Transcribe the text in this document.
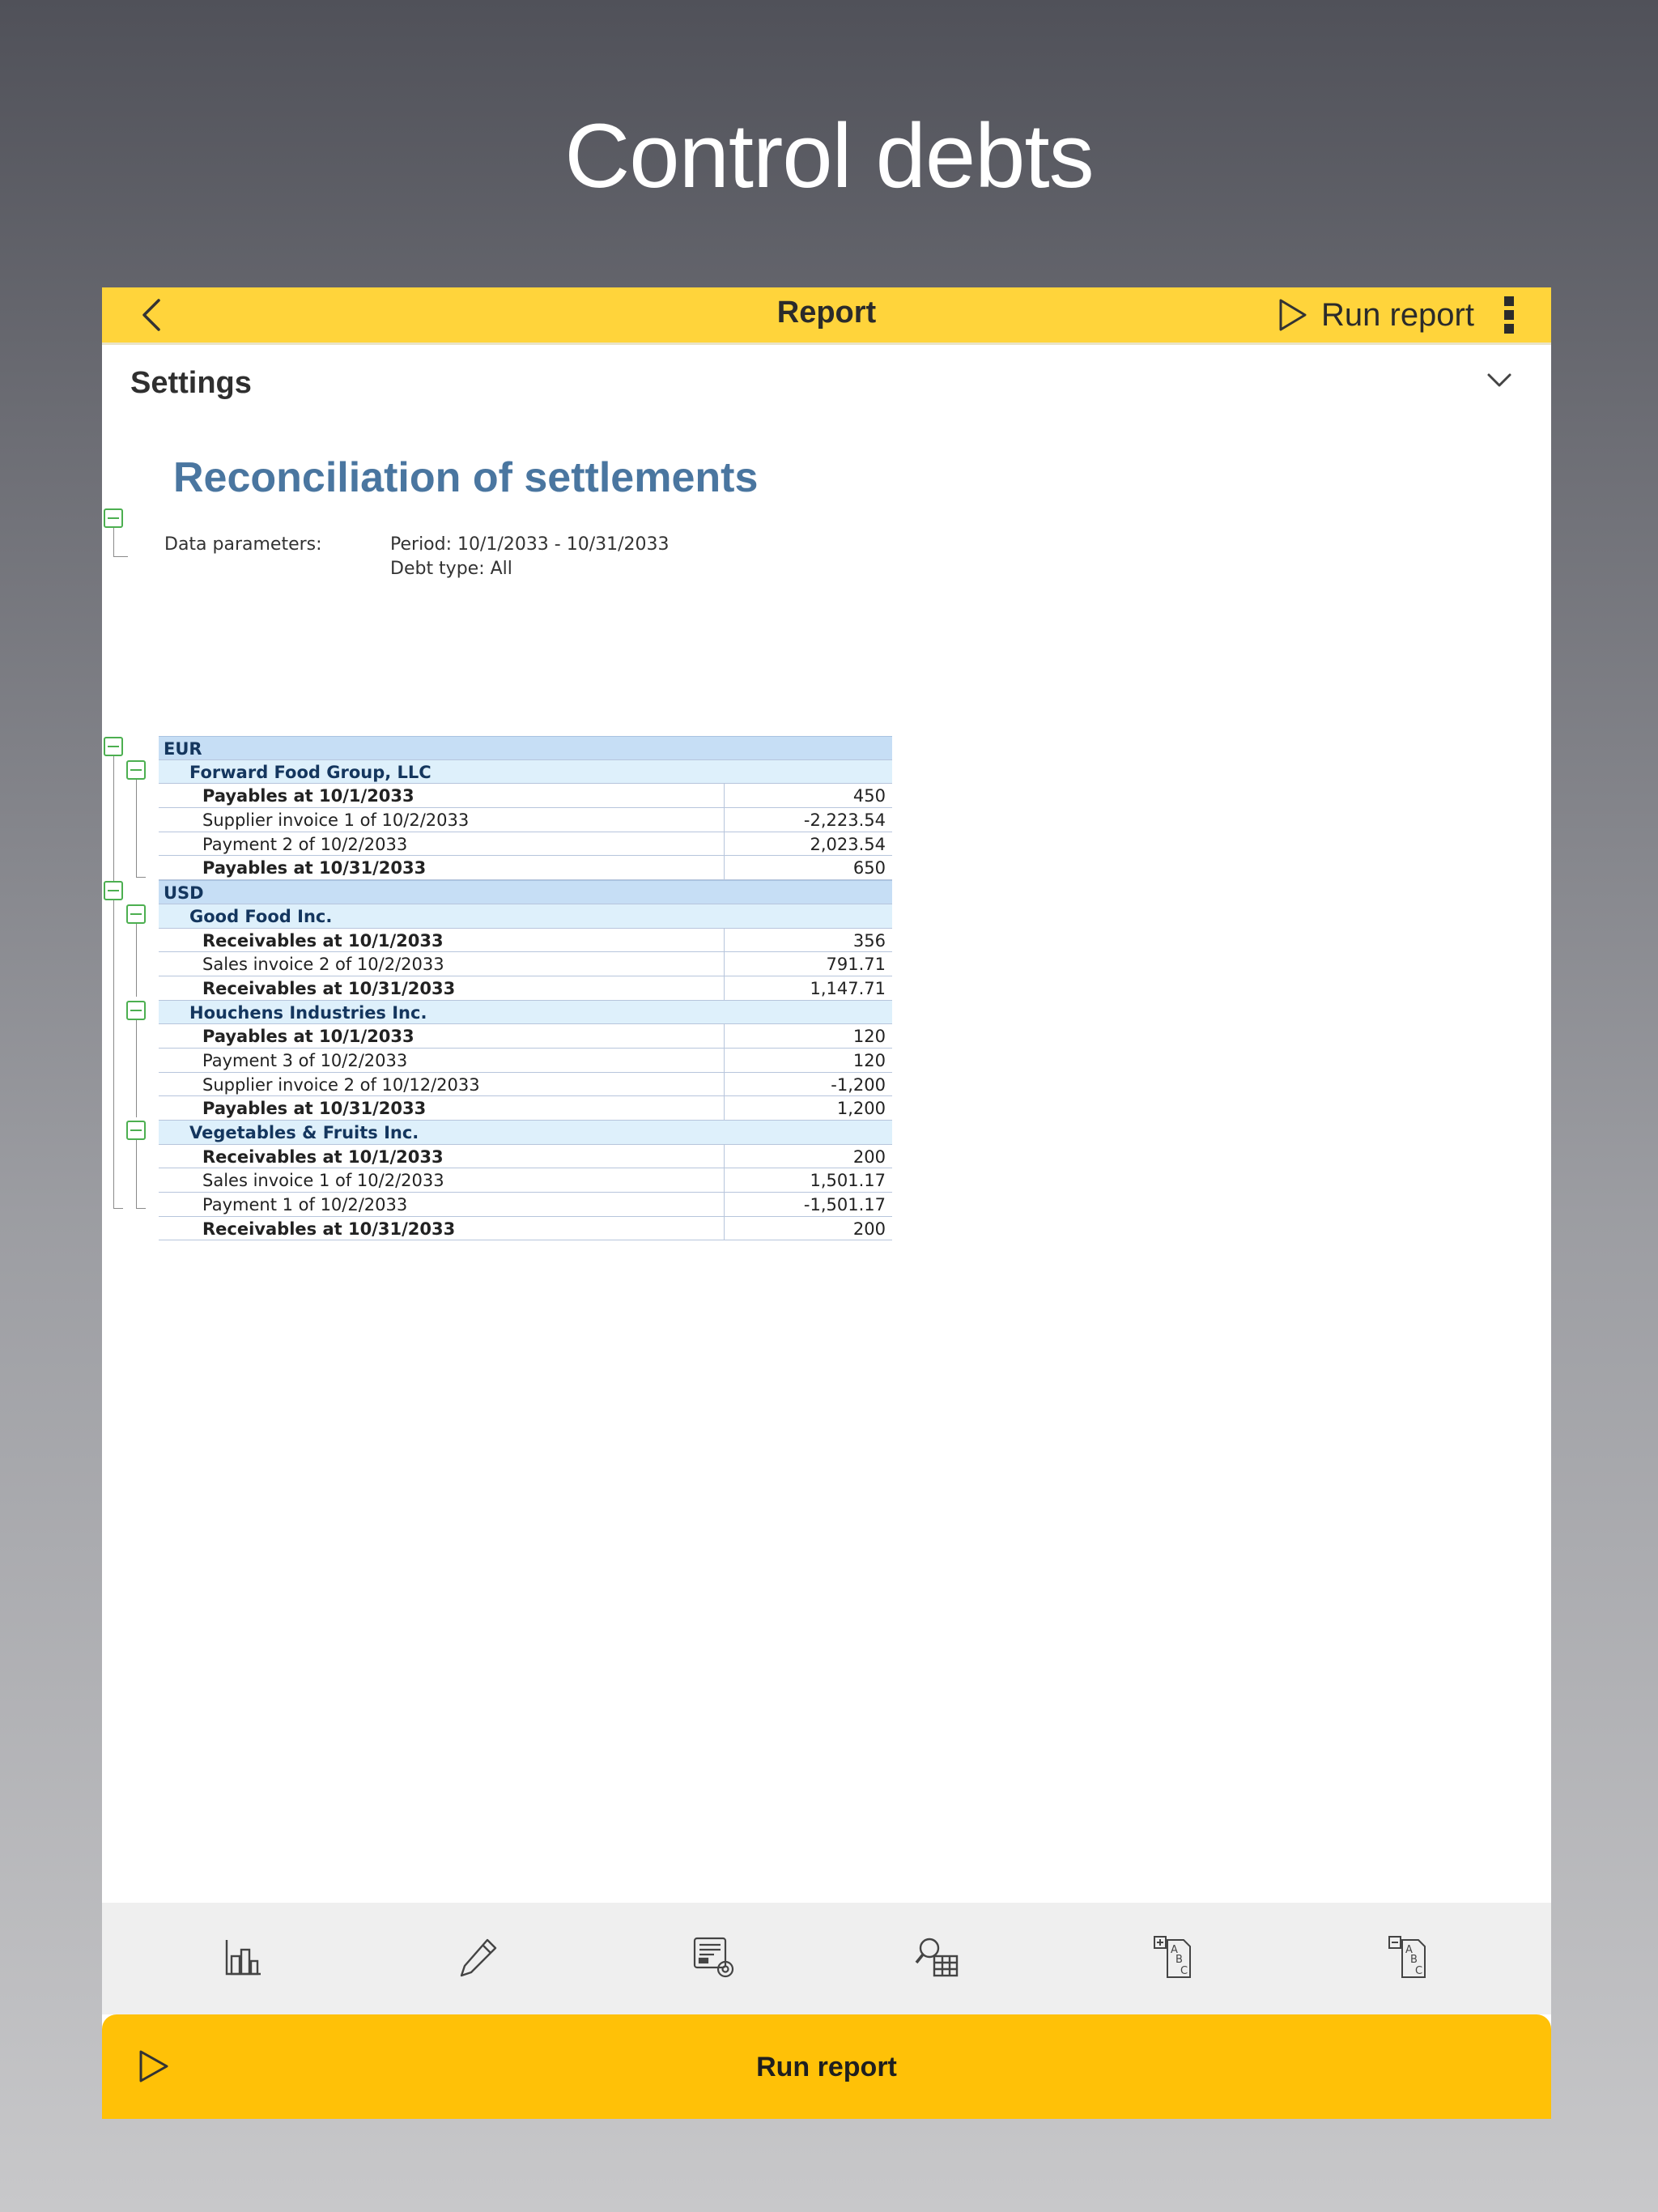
Control debts
Report	Run report
Settings
Reconciliation of settlements
Data parameters:	Period: 10/1/2033 - 10/31/2033
Debt type: All
EUR
Forward Food Group, LLC
Payables at 10/1/2033	450
Supplier invoice 1 of 10/2/2033	-2,223.54
Payment 2 of 10/2/2033	2,023.54
Payables at 10/31/2033	650
USD
Good Food Inc.
Receivables at 10/1/2033	356
Sales invoice 2 of 10/2/2033	791.71
Receivables at 10/31/2033	1,147.71
Houchens Industries Inc.
Payables at 10/1/2033	120
Payment 3 of 10/2/2033	120
Supplier invoice 2 of 10/12/2033	-1,200
Payables at 10/31/2033	1,200
Vegetables & Fruits Inc.
Receivables at 10/1/2033	200
Sales invoice 1 of 10/2/2033	1,501.17
Payment 1 of 10/2/2033	-1,501.17
Receivables at 10/31/2033	200
A
B
C
A
B
C
Run report
